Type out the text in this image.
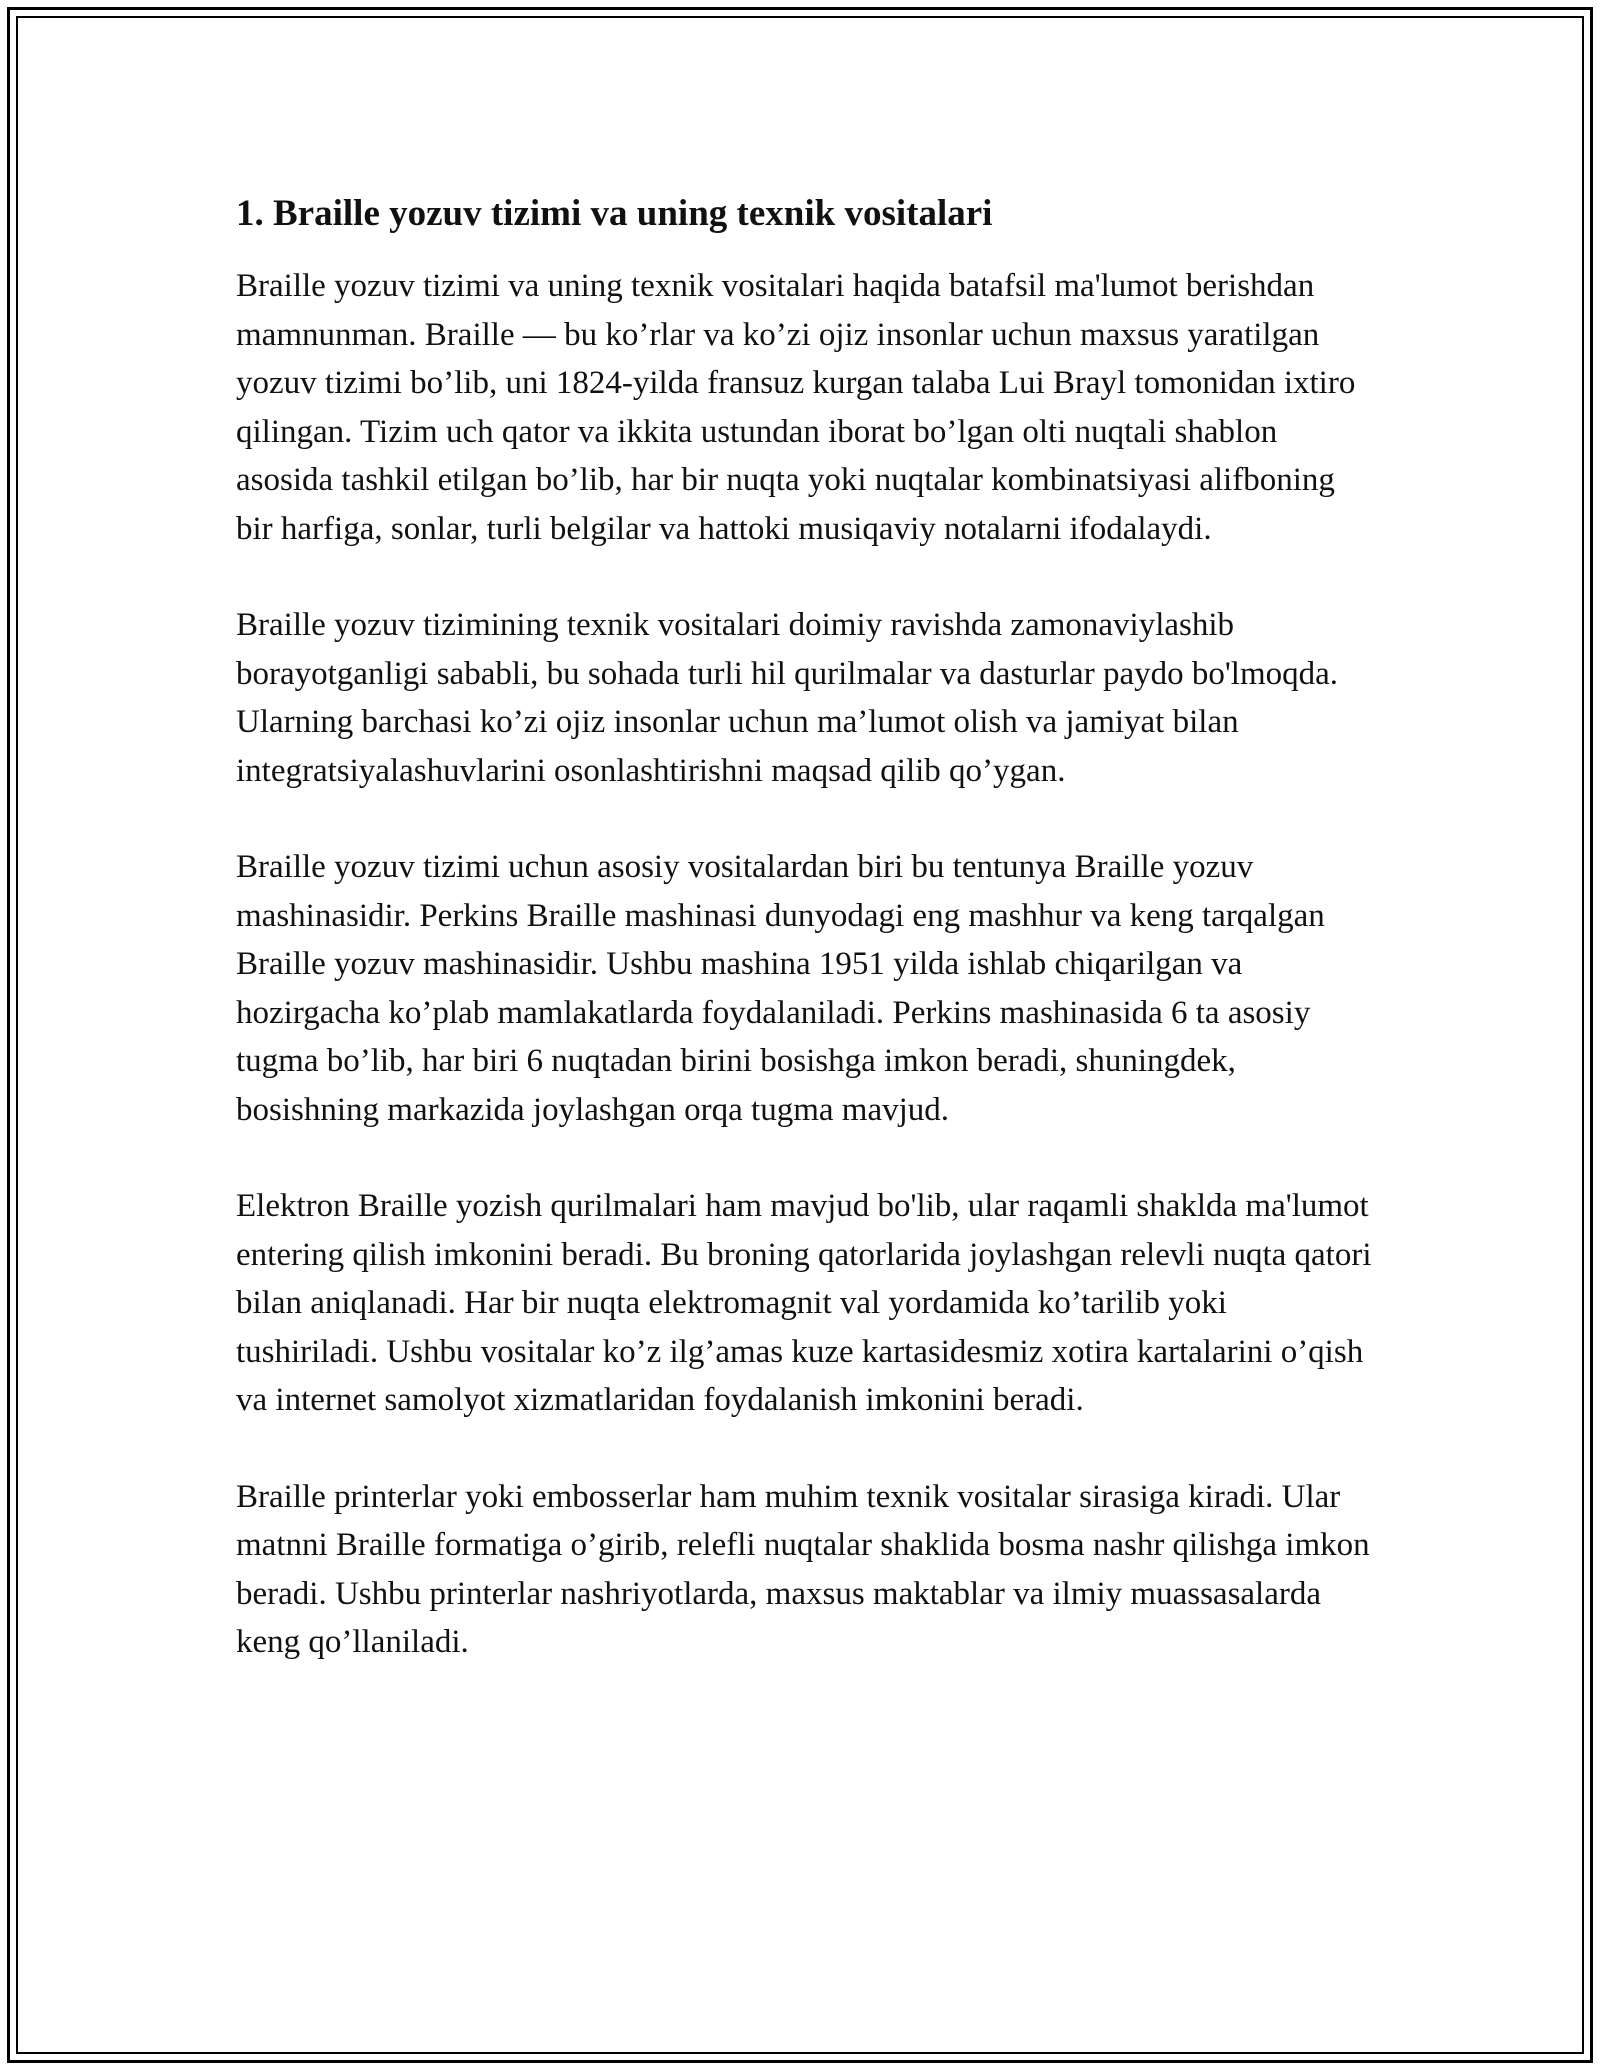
1. Braille yozuv tizimi va uning texnik vositalari

Braille yozuv tizimi va uning texnik vositalari haqida batafsil ma'lumot berishdan mamnunman. Braille — bu ko’rlar va ko’zi ojiz insonlar uchun maxsus yaratilgan yozuv tizimi bo’lib, uni 1824-yilda fransuz kurgan talaba Lui Brayl tomonidan ixtiro qilingan. Tizim uch qator va ikkita ustundan iborat bo’lgan olti nuqtali shablon asosida tashkil etilgan bo’lib, har bir nuqta yoki nuqtalar kombinatsiyasi alifboning bir harfiga, sonlar, turli belgilar va hattoki musiqaviy notalarni ifodalaydi.

Braille yozuv tizimining texnik vositalari doimiy ravishda zamonaviylashib borayotganligi sababli, bu sohada turli hil qurilmalar va dasturlar paydo bo'lmoqda. Ularning barchasi ko’zi ojiz insonlar uchun ma’lumot olish va jamiyat bilan integratsiyalashuvlarini osonlashtirishni maqsad qilib qo’ygan.

Braille yozuv tizimi uchun asosiy vositalardan biri bu tentunya Braille yozuv mashinasidir. Perkins Braille mashinasi dunyodagi eng mashhur va keng tarqalgan Braille yozuv mashinasidir. Ushbu mashina 1951 yilda ishlab chiqarilgan va hozirgacha ko’plab mamlakatlarda foydalaniladi. Perkins mashinasida 6 ta asosiy tugma bo’lib, har biri 6 nuqtadan birini bosishga imkon beradi, shuningdek, bosishning markazida joylashgan orqa tugma mavjud.

Elektron Braille yozish qurilmalari ham mavjud bo'lib, ular raqamli shaklda ma'lumot entering qilish imkonini beradi. Bu broning qatorlarida joylashgan relevli nuqta qatori bilan aniqlanadi. Har bir nuqta elektromagnit val yordamida ko’tarilib yoki tushiriladi. Ushbu vositalar ko’z ilg’amas kuze kartasidesmiz xotira kartalarini o’qish va internet samolyot xizmatlaridan foydalanish imkonini beradi.

Braille printerlar yoki embosserlar ham muhim texnik vositalar sirasiga kiradi. Ular matnni Braille formatiga o’girib, relefli nuqtalar shaklida bosma nashr qilishga imkon beradi. Ushbu printerlar nashriyotlarda, maxsus maktablar va ilmiy muassasalarda keng qo’llaniladi.
